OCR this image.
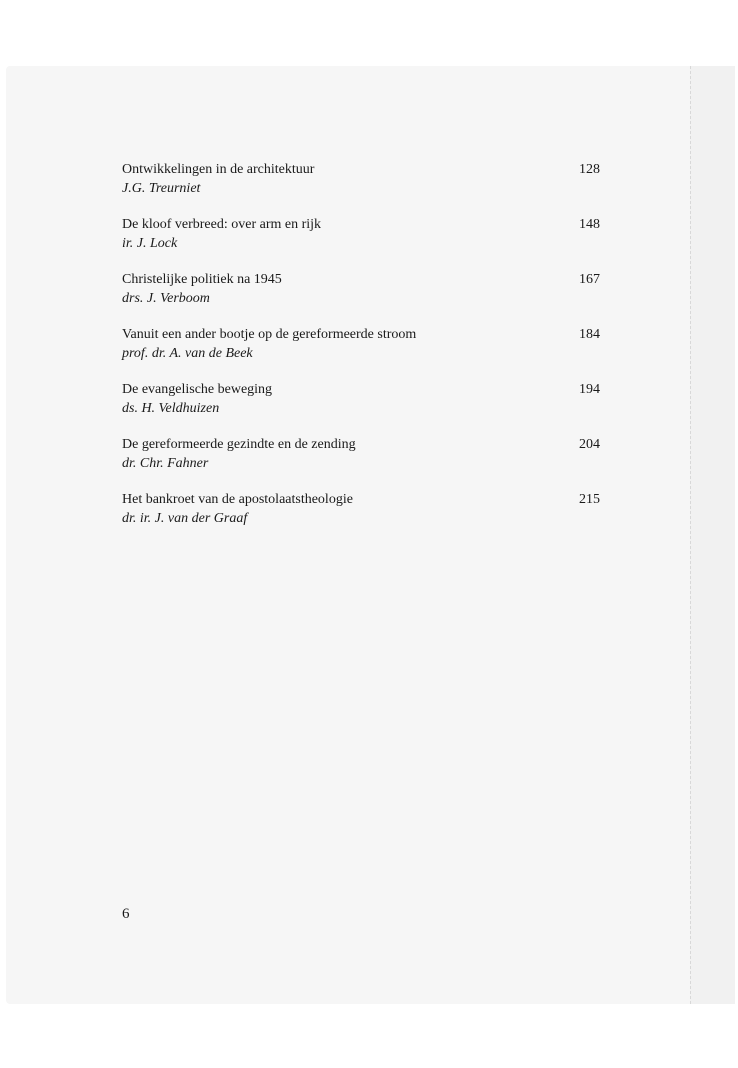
Ontwikkelingen in de architektuur
J.G. Treurniet
128
De kloof verbreed: over arm en rijk
ir. J. Lock
148
Christelijke politiek na 1945
drs. J. Verboom
167
Vanuit een ander bootje op de gereformeerde stroom
prof. dr. A. van de Beek
184
De evangelische beweging
ds. H. Veldhuizen
194
De gereformeerde gezindte en de zending
dr. Chr. Fahner
204
Het bankroet van de apostolaatstheologie
dr. ir. J. van der Graaf
215
6
